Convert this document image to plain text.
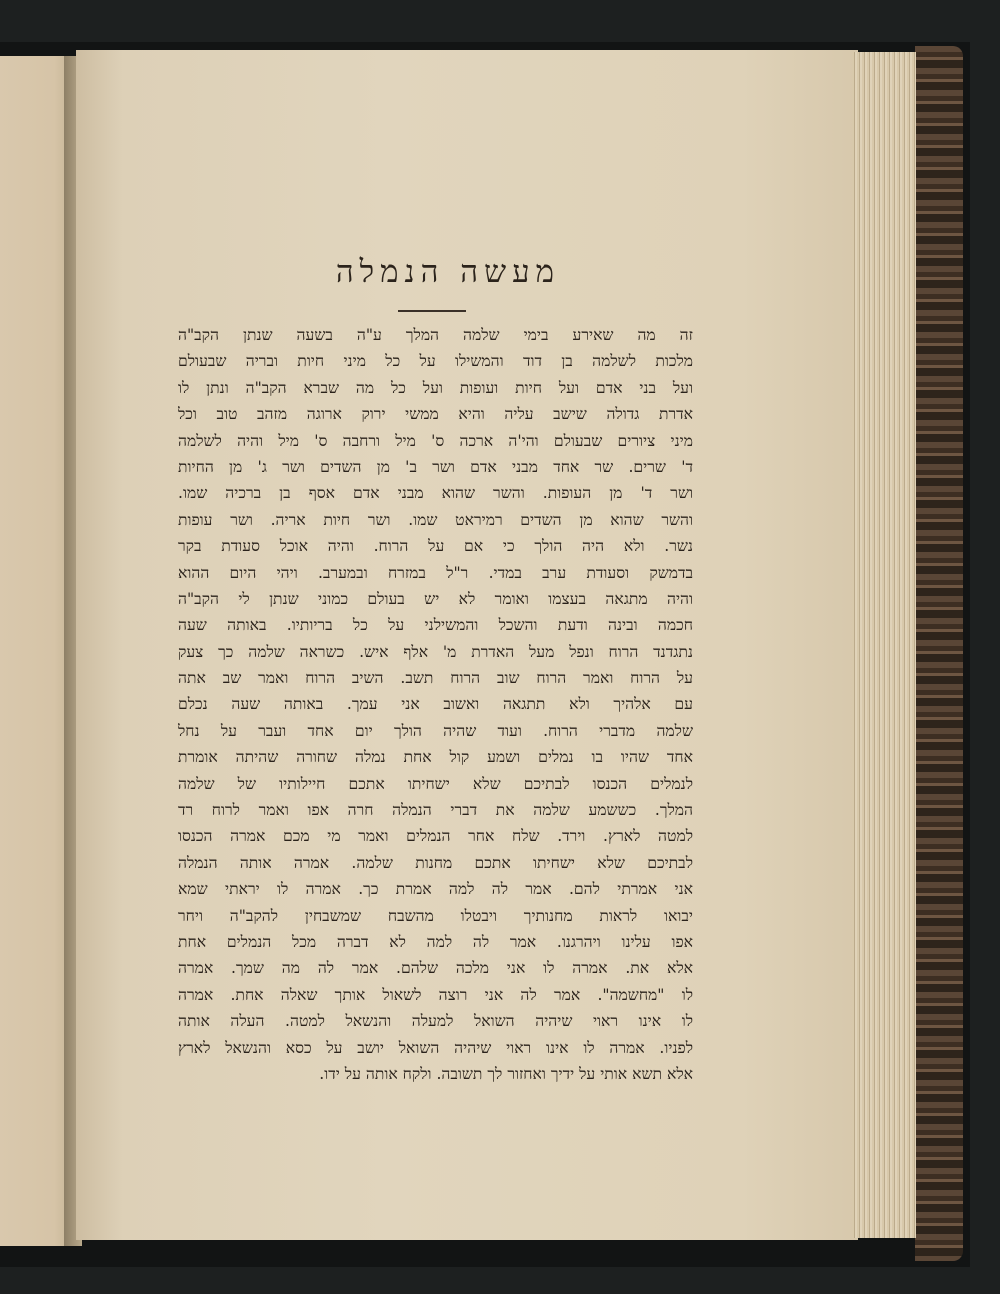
מעשה הנמלה
זה מה שאירע בימי שלמה המלך ע"ה בשעה שנתן הקב"ה
מלכות לשלמה בן דוד והמשילו על כל מיני חיות ובריה שבעולם
ועל בני אדם ועל חיות ועופות ועל כל מה שברא הקב"ה ונתן לו
אדרת גדולה שישב עליה והיא ממשי ירוק ארוגה מזהב טוב וכל
מיני ציורים שבעולם והי'ה ארכה ס' מיל ורחבה ס' מיל והיה לשלמה
ד' שרים. שר אחד מבני אדם ושר ב' מן השדים ושר ג' מן החיות
ושר ד' מן העופות. והשר שהוא מבני אדם אסף בן ברכיה שמו.
והשר שהוא מן השדים רמיראט שמו. ושר חיות אריה. ושר עופות
נשר. ולא היה הולך כי אם על הרוח. והיה אוכל סעודת בקר
בדמשק וסעודת ערב במדי. ר"ל במזרח ובמערב. ויהי היום ההוא
והיה מתגאה בעצמו ואומר לא יש בעולם כמוני שנתן לי הקב"ה
חכמה ובינה ודעת והשכל והמשילני על כל בריותיו. באותה שעה
נתגדנד הרוח ונפל מעל האדרת מ' אלף איש. כשראה שלמה כך צעק
על הרוח ואמר הרוח שוב הרוח תשב. השיב הרוח ואמר שב אתה
עם אלהיך ולא תתגאה ואשוב אני עמך. באותה שעה נכלם
שלמה מדברי הרוח. ועוד שהיה הולך יום אחד ועבר על נחל
אחד שהיו בו נמלים ושמע קול אחת נמלה שחורה שהיתה אומרת
לנמלים הכנסו לבתיכם שלא ישחיתו אתכם חיילותיו של שלמה
המלך. כששמע שלמה את דברי הנמלה חרה אפו ואמר לרוח רד
למטה לארץ. וירד. שלח אחר הנמלים ואמר מי מכם אמרה הכנסו
לבתיכם שלא ישחיתו אתכם מחנות שלמה. אמרה אותה הנמלה
אני אמרתי להם. אמר לה למה אמרת כך. אמרה לו יראתי שמא
יבואו לראות מחנותיך ויבטלו מהשבח שמשבחין להקב"ה ויחר
אפו עלינו ויהרגנו. אמר לה למה לא דברה מכל הנמלים אחת
אלא את. אמרה לו אני מלכה שלהם. אמר לה מה שמך. אמרה
לו "מחשמה". אמר לה אני רוצה לשאול אותך שאלה אחת. אמרה
לו אינו ראוי שיהיה השואל למעלה והנשאל למטה. העלה אותה
לפניו. אמרה לו אינו ראוי שיהיה השואל יושב על כסא והנשאל לארץ
אלא תשא אותי על ידיך ואחזור לך תשובה. ולקח אותה על ידו.
